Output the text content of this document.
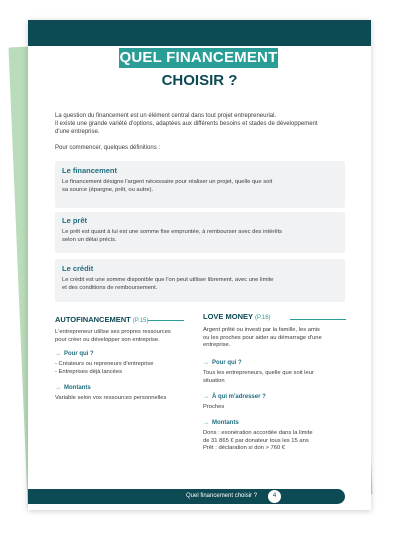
QUEL FINANCEMENT
CHOISIR ?
La question du financement est un élément central dans tout projet entrepreneurial.
Il existe une grande variété d'options, adaptées aux différents besoins et stades de développement
d'une entreprise.
Pour commencer, quelques définitions :
Le financement
Le financement désigne l'argent nécessaire pour réaliser un projet, quelle que soit
sa source (épargne, prêt, ou autre).
Le prêt
Le prêt est quant à lui est une somme fixe empruntée, à rembourser avec des intérêts
selon un délai précis.
Le crédit
Le crédit est une somme disponible que l'on peut utiliser librement, avec une limite
et des conditions de remboursement.
AUTOFINANCEMENT (P.15)
L'entrepreneur utilise ses propres ressources
pour créer ou développer son entreprise.
→ Pour qui ?
- Créateurs ou repreneurs d'entreprise
- Entreprises déjà lancées
→ Montants
Variable selon vos ressources personnelles
LOVE MONEY (P.16)
Argent prêté ou investi par la famille, les amis
ou les proches pour aider au démarrage d'une
entreprise.
→ Pour qui ?
Tous les entrepreneurs, quelle que soit leur
situation
→ À qui m'adresser ?
Proches
→ Montants
Dons : exonération accordée dans la limite
de 31 865 € par donateur tous les 15 ans
Prêt : déclaration si don > 760 €
Quel financement choisir ?	4
